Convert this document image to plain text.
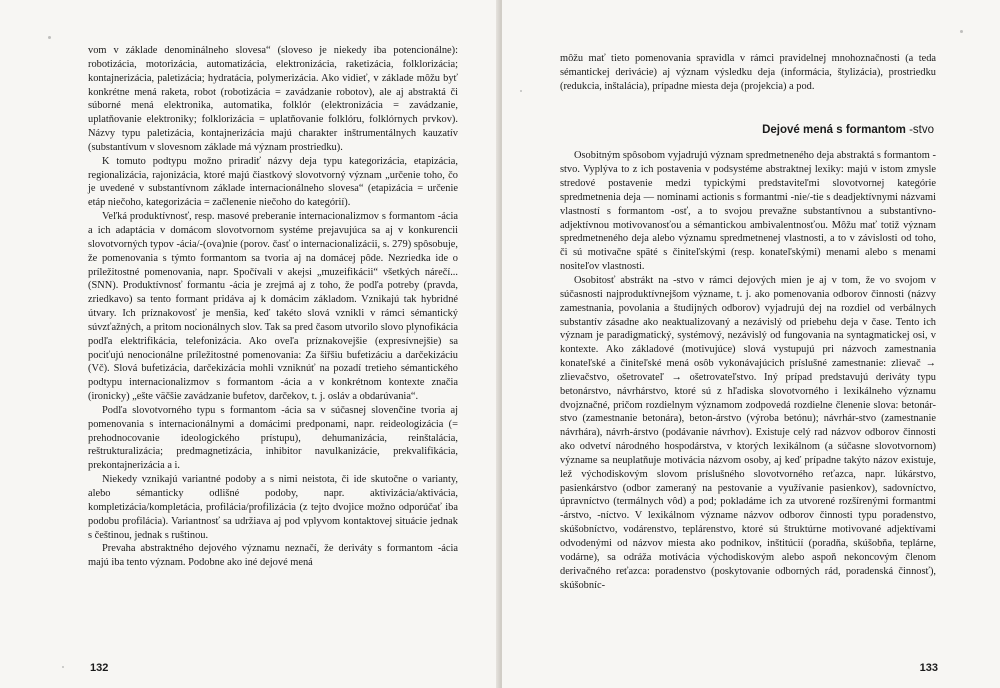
vom v základe denominálneho slovesa“ (sloveso je niekedy iba potencionálne): robotizácia, motorizácia, automatizácia, elektronizácia, raketizácia, folklorizácia; kontajnerizácia, paletizácia; hydratácia, polymerizácia. Ako vidieť, v základe môžu byť konkrétne mená raketa, robot (robotizácia = zavádzanie robotov), ale aj abstraktá či súborné mená elektronika, automatika, folklór (elektronizácia = zavádzanie, uplatňovanie elektroniky; folklorizácia = uplatňovanie folklóru, folklórnych prvkov). Názvy typu paletizácia, kontajnerizácia majú charakter inštrumentálnych kauzatív (substantívum v slovesnom základe má význam prostriedku).

K tomuto podtypu možno priradiť názvy deja typu kategorizácia, etapizácia, regionalizácia, rajonizácia, ktoré majú čiastkový slovotvorný význam „určenie toho, čo je uvedené v substantívnom základe internacionálneho slovesa“ (etapizácia = určenie etáp niečoho, kategorizácia = začlenenie niečoho do kategórií).

Veľká produktívnosť, resp. masové preberanie internacionalizmov s formantom -ácia a ich adaptácia v domácom slovotvornom systéme prejavujúca sa aj v konkurencii slovotvorných typov -ácia/-(ova)nie (porov. časť o internacionalizácii, s. 279) spôsobuje, že pomenovania s týmto formantom sa tvoria aj na domácej pôde. Nezriedka ide o príležitostné pomenovania, napr. Spočívali v akejsi „muzeifikácii“ všetkých nárečí... (SNN). Produktívnosť formantu -ácia je zrejmá aj z toho, že podľa potreby (pravda, zriedkavo) sa tento formant pridáva aj k domácim základom. Vznikajú tak hybridné útvary. Ich príznakovosť je menšia, keď takéto slová vznikli v rámci sémantický súvzťažných, a pritom nocionálnych slov. Tak sa pred časom utvorilo slovo plynofikácia podľa elektrifikácia, telefonizácia. Ako oveľa príznakovejšie (expresívnejšie) sa pociťujú nenocionálne príležitostné pomenovania: Za šiřšiu bufetizáciu a darčekizáciu (Vč). Slová bufetizácia, darčekizácia mohli vzniknúť na pozadí tretieho sémantického podtypu internacionalizmov s formantom -ácia a v konkrétnom kontexte značia (ironicky) „ešte väčšie zavádzanie bufetov, darčekov, t. j. osláv a obdarúvania“.

Podľa slovotvorného typu s formantom -ácia sa v súčasnej slovenčine tvoria aj pomenovania s internacionálnymi a domácimi predponami, napr. reideologizácia (= prehodnocovanie ideologického prístupu), dehumanizácia, reinštalácia, reštrukturalizácia; predmagnetizácia, inhibitor navulkanizácie, prekvalifikácia, prekontajnerizácia a i.

Niekedy vznikajú variantné podoby a s nimi neistota, či ide skutočne o varianty, alebo sémanticky odlišné podoby, napr. aktivizácia/aktivácia, kompletizácia/kompletácia, profilácia/profilizácia (z tejto dvojice možno odporúčať iba podobu profilácia). Variantnosť sa udržiava aj pod vplyvom kontaktovej situácie jednak s češtinou, jednak s ruštinou.

Prevaha abstraktného dejového významu neznačí, že deriváty s formantom -ácia majú iba tento význam. Podobne ako iné dejové mená

132

môžu mať tieto pomenovania spravidla v rámci pravidelnej mnohoznačnosti (a teda sémantickej derivácie) aj význam výsledku deja (informácia, štylizácia), prostriedku (redukcia, inštalácia), prípadne miesta deja (projekcia) a pod.

Dejové mená s formantom -stvo

Osobitným spôsobom vyjadrujú význam spredmetneného deja abstraktá s formantom -stvo. Vyplýva to z ich postavenia v podsystéme abstraktnej lexiky: majú v istom zmysle stredové postavenie medzi typickými predstaviteľmi slovotvornej kategórie spredmetnenia deja — nominami actionis s formantmi -nie/-tie s deadjektívnymi názvami vlastností s formantom -osť, a to svojou prevažne substantívnou a substantívno-adjektívnou motivovanosťou a sémantickou ambivalentnosťou. Môžu mať totiž význam spredmetneného deja alebo významu spredmetnenej vlastnosti, a to v závislosti od toho, či sú motivačne späté s činiteľskými (resp. konateľskými) menami alebo s menami nositeľov vlastnosti.

Osobitosť abstrákt na -stvo v rámci dejových mien je aj v tom, že vo svojom v súčasnosti najproduktívnejšom význame, t. j. ako pomenovania odborov činnosti (názvy zamestnania, povolania a študijných odborov) vyjadrujú dej na rozdiel od verbálnych substantív zásadne ako neaktualizovaný a nezávislý od priebehu deja v čase. Tento ich význam je paradigmatický, systémový, nezávislý od fungovania na syntagmatickej osi, v kontexte. Ako základové (motivujúce) slová vystupujú pri názvoch zamestnania konateľské a činiteľské mená osôb vykonávajúcich príslušné zamestnanie: zlievač → zlievačstvo, ošetrovateľ → ošetrovateľstvo. Iný prípad predstavujú deriváty typu betonárstvo, návrhárstvo, ktoré sú z hľadiska slovotvorného i lexikálneho významu dvojznačné, pričom rozdielnym významom zodpovedá rozdielne členenie slova: betonár-stvo (zamestnanie betonára), beton-árstvo (výroba betónu); návrhár-stvo (zamestnanie návrhára), návrh-árstvo (podávanie návrhov). Existuje celý rad názvov odborov činnosti ako odvetví národného hospodárstva, v ktorých lexikálnom (a súčasne slovotvornom) význame sa neuplatňuje motivácia názvom osoby, aj keď prípadne takýto názov existuje, lež východiskovým slovom príslušného slovotvorného reťazca, napr. lúkárstvo, pasienkárstvo (odbor zameraný na pestovanie a využívanie pasienkov), sadovníctvo, úpravníctvo (termálnych vôd) a pod; pokladáme ich za utvorené rozšírenými formantmi -árstvo, -níctvo. V lexikálnom význame názvov odborov činnosti typu poradenstvo, skúšobníctvo, vodárenstvo, teplárenstvo, ktoré sú štruktúrne motivované adjektívami odvodenými od názvov miesta ako podnikov, inštitúcií (poradňa, skúšobňa, teplárne, vodárne), sa odráža motivácia východiskovým alebo aspoň nekoncovým členom derivačného reťazca: poradenstvo (poskytovanie odborných rád, poradenská činnosť), skúšobníc-

133
